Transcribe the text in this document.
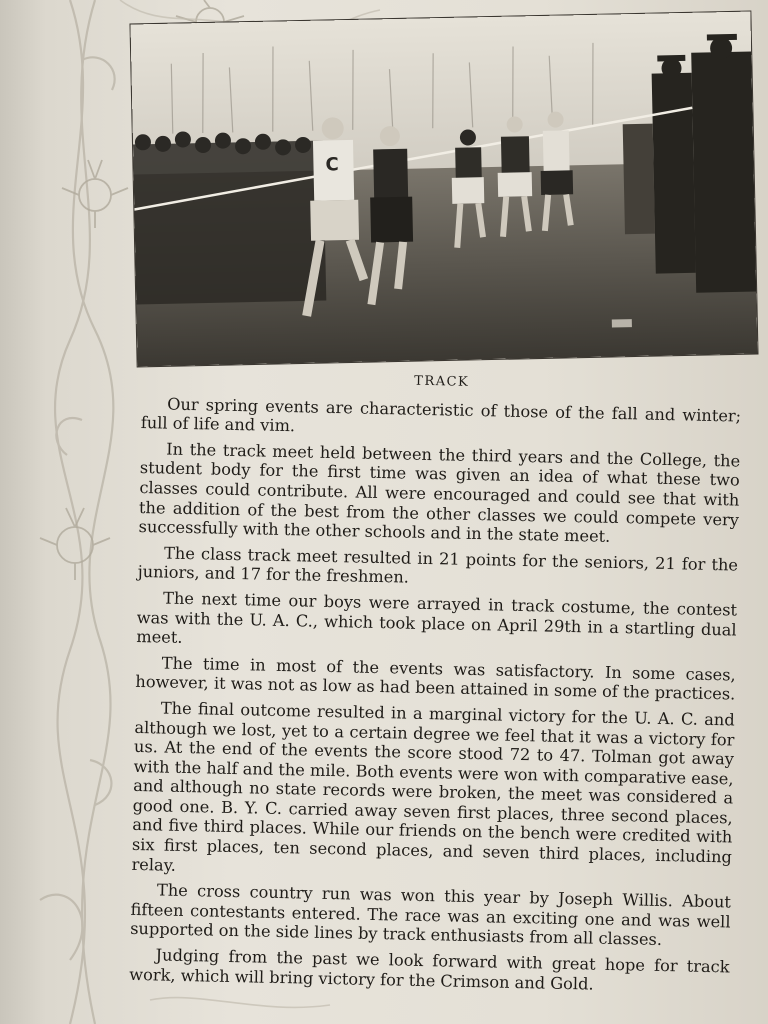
C
TRACK

Our spring events are characteristic of those of the fall and winter; full of life and vim.

In the track meet held between the third years and the College, the student body for the first time was given an idea of what these two classes could contribute. All were encouraged and could see that with the addition of the best from the other classes we could compete very successfully with the other schools and in the state meet.

The class track meet resulted in 21 points for the seniors, 21 for the juniors, and 17 for the freshmen.

The next time our boys were arrayed in track costume, the contest was with the U. A. C., which took place on April 29th in a startling dual meet.

The time in most of the events was satisfactory. In some cases, however, it was not as low as had been attained in some of the practices.

The final outcome resulted in a marginal victory for the U. A. C. and although we lost, yet to a certain degree we feel that it was a victory for us. At the end of the events the score stood 72 to 47. Tolman got away with the half and the mile. Both events were won with comparative ease, and although no state records were broken, the meet was considered a good one. B. Y. C. carried away seven first places, three second places, and five third places. While our friends on the bench were credited with six first places, ten second places, and seven third places, including relay.

The cross country run was won this year by Joseph Willis. About fifteen contestants entered. The race was an exciting one and was well supported on the side lines by track enthusiasts from all classes.

Judging from the past we look forward with great hope for track work, which will bring victory for the Crimson and Gold.
